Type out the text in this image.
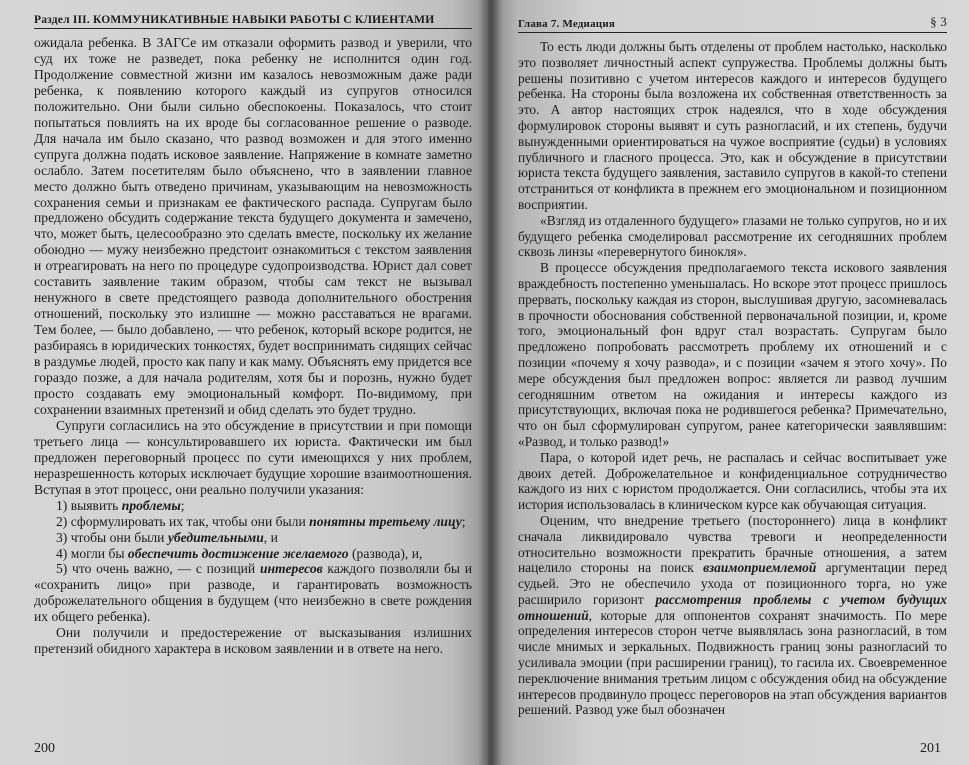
Раздел III. КОММУНИКАТИВНЫЕ НАВЫКИ РАБОТЫ С КЛИЕНТАМИ

ожидала ребенка. В ЗАГСе им отказали оформить развод и уверили, что суд их тоже не разведет, пока ребенку не исполнится один год. Продолжение совместной жизни им казалось невозможным даже ради ребенка, к появлению которого каждый из супругов относился положительно. Они были сильно обеспокоены. Показалось, что стоит попытаться повлиять на их вроде бы согласованное решение о разводе. Для начала им было сказано, что развод возможен и для этого именно супруга должна подать исковое заявление. Напряжение в комнате заметно ослабло. Затем посетителям было объяснено, что в заявлении главное место должно быть отведено причинам, указывающим на невозможность сохранения семьи и признакам ее фактического распада. Супругам было предложено обсудить содержание текста будущего документа и замечено, что, может быть, целесообразно это сделать вместе, поскольку их желание обоюдно — мужу неизбежно предстоит ознакомиться с текстом заявления и отреагировать на него по процедуре судопроизводства. Юрист дал совет составить заявление таким образом, чтобы сам текст не вызывал ненужного в свете предстоящего развода дополнительного обострения отношений, поскольку это излишне — можно расставаться не врагами. Тем более, — было добавлено, — что ребенок, который вскоре родится, не разбираясь в юридических тонкостях, будет воспринимать сидящих сейчас в раздумье людей, просто как папу и как маму. Объяснять ему придется все гораздо позже, а для начала родителям, хотя бы и порознь, нужно будет просто создавать ему эмоциональный комфорт. По-видимому, при сохранении взаимных претензий и обид сделать это будет трудно.

Супруги согласились на это обсуждение в присутствии и при помощи третьего лица — консультировавшего их юриста. Фактически им был предложен переговорный процесс по сути имеющихся у них проблем, неразрешенность которых исключает будущие хорошие взаимоотношения. Вступая в этот процесс, они реально получили указания:

1) выявить проблемы;

2) сформулировать их так, чтобы они были понятны третьему лицу;

3) чтобы они были убедительными, и

4) могли бы обеспечить достижение желаемого (развода), и,

5) что очень важно, — с позиций интересов каждого позволяли бы и «сохранить лицо» при разводе, и гарантировать возможность доброжелательного общения в будущем (что неизбежно в свете рождения их общего ребенка).

Они получили и предостережение от высказывания излишних претензий обидного характера в исковом заявлении и в ответе на него.

200
Глава 7. Медиация	§ 3

То есть люди должны быть отделены от проблем настолько, насколько это позволяет личностный аспект супружества. Проблемы должны быть решены позитивно с учетом интересов каждого и интересов будущего ребенка. На стороны была возложена их собственная ответственность за это. А автор настоящих строк надеялся, что в ходе обсуждения формулировок стороны выявят и суть разногласий, и их степень, будучи вынужденными ориентироваться на чужое восприятие (судьи) в условиях публичного и гласного процесса. Это, как и обсуждение в присутствии юриста текста будущего заявления, заставило супругов в какой-то степени отстраниться от конфликта в прежнем его эмоциональном и позиционном восприятии.

«Взгляд из отдаленного будущего» глазами не только супругов, но и их будущего ребенка смоделировал рассмотрение их сегодняшних проблем сквозь линзы «перевернутого бинокля».

В процессе обсуждения предполагаемого текста искового заявления враждебность постепенно уменьшалась. Но вскоре этот процесс пришлось прервать, поскольку каждая из сторон, выслушивая другую, засомневалась в прочности обоснования собственной первоначальной позиции, и, кроме того, эмоциональный фон вдруг стал возрастать. Супругам было предложено попробовать рассмотреть проблему их отношений и с позиции «почему я хочу развода», и с позиции «зачем я этого хочу». По мере обсуждения был предложен вопрос: является ли развод лучшим сегодняшним ответом на ожидания и интересы каждого из присутствующих, включая пока не родившегося ребенка? Примечательно, что он был сформулирован супругом, ранее категорически заявлявшим: «Развод, и только развод!»

Пара, о которой идет речь, не распалась и сейчас воспитывает уже двоих детей. Доброжелательное и конфиденциальное сотрудничество каждого из них с юристом продолжается. Они согласились, чтобы эта их история использовалась в клиническом курсе как обучающая ситуация.

Оценим, что внедрение третьего (постороннего) лица в конфликт сначала ликвидировало чувства тревоги и неопределенности относительно возможности прекратить брачные отношения, а затем нацелило стороны на поиск взаимоприемлемой аргументации перед судьей. Это не обеспечило ухода от позиционного торга, но уже расширило горизонт рассмотрения проблемы с учетом будущих отношений, которые для оппонентов сохранят значимость. По мере определения интересов сторон четче выявлялась зона разногласий, в том числе мнимых и зеркальных. Подвижность границ зоны разногласий то усиливала эмоции (при расширении границ), то гасила их. Своевременное переключение внимания третьим лицом с обсуждения обид на обсуждение интересов продвинуло процесс переговоров на этап обсуждения вариантов решений. Развод уже был обозначен

201
